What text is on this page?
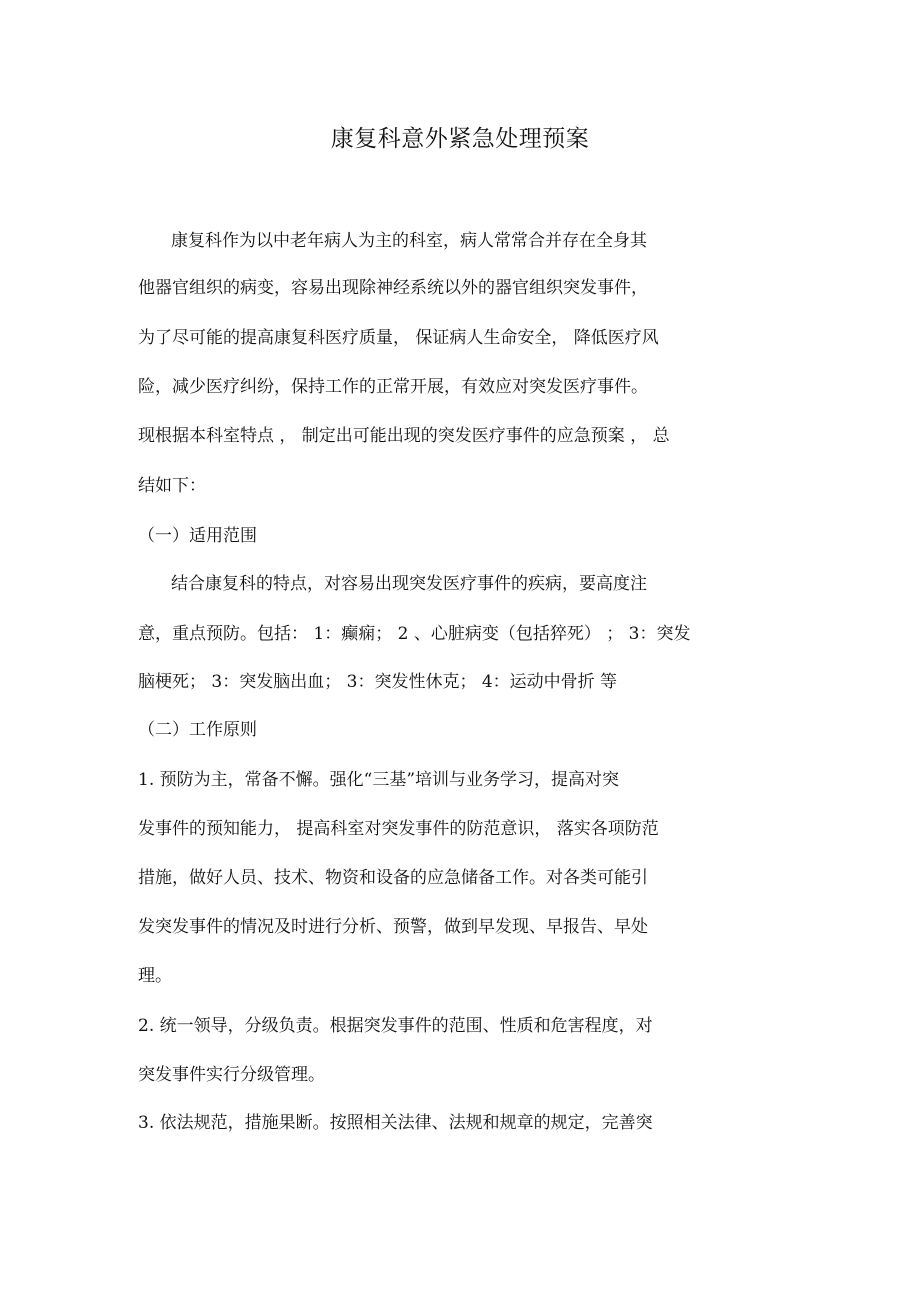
康复科意外紧急处理预案
康复科作为以中老年病人为主的科室，病人常常合并存在全身其
他器官组织的病变，容易出现除神经系统以外的器官组织突发事件，
为了尽可能的提高康复科医疗质量， 保证病人生命安全， 降低医疗风
险，减少医疗纠纷，保持工作的正常开展，有效应对突发医疗事件。
现根据本科室特点 ， 制定出可能出现的突发医疗事件的应急预案 ， 总
结如下：
（一）适用范围
结合康复科的特点，对容易出现突发医疗事件的疾病，要高度注
意，重点预防。包括： 1：癫痫； 2 、心脏病变（包括猝死） ； 3：突发
脑梗死； 3：突发脑出血； 3：突发性休克； 4：运动中骨折 等
（二）工作原则
1. 预防为主，常备不懈。强化“三基”培训与业务学习，提高对突
发事件的预知能力， 提高科室对突发事件的防范意识， 落实各项防范
措施，做好人员、技术、物资和设备的应急储备工作。对各类可能引
发突发事件的情况及时进行分析、预警，做到早发现、早报告、早处
理。
2. 统一领导，分级负责。根据突发事件的范围、性质和危害程度，对
突发事件实行分级管理。
3. 依法规范，措施果断。按照相关法律、法规和规章的规定，完善突
